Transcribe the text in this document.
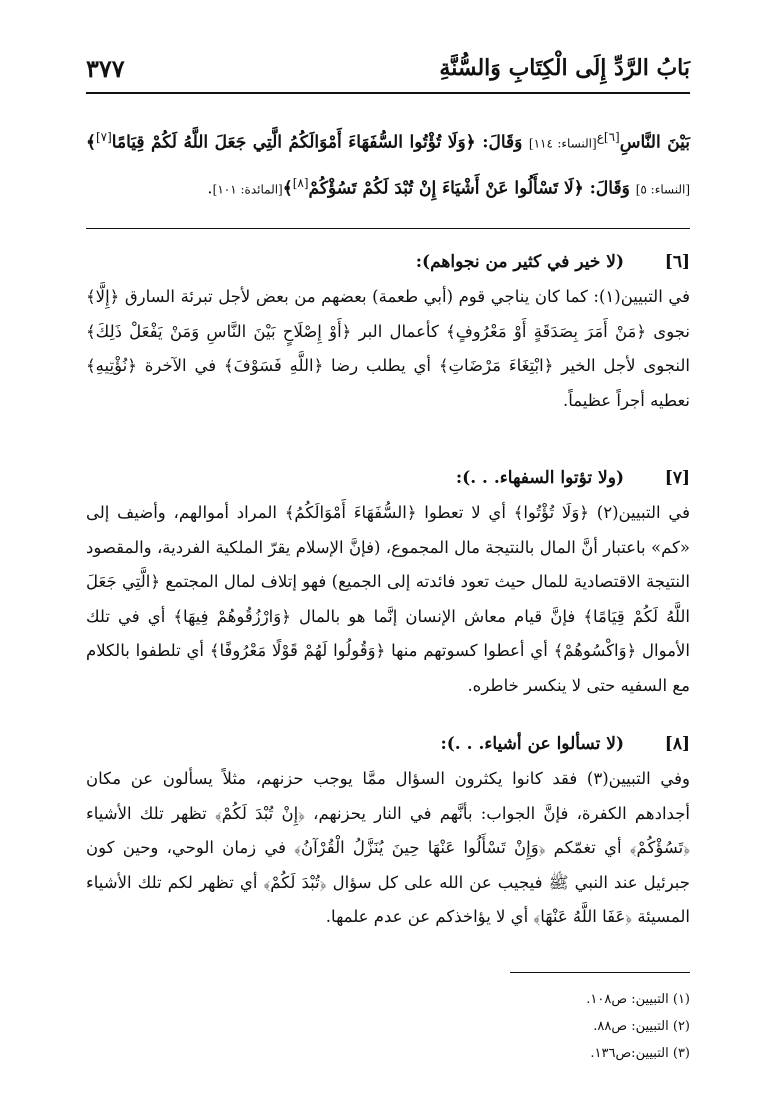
بَابُ الرَّدِّ إِلَى الْكِتَابِ وَالسُّنَّةِ
٣٧٧
بَيْنَ النَّاسِ$^{[٦]ع}$[النساء: ١١٤] وَقَالَ: ﴿وَلَا تُؤْتُوا السُّفَهَاءَ أَمْوَالَكُمُ الَّتِي جَعَلَ اللَّهُ لَكُمْ قِيَامًا[٧]﴾[النساء: ٥] وَقَالَ: ﴿لَا تَسْأَلُوا عَنْ أَشْيَاءَ إِنْ تُبْدَ لَكُمْ تَسُؤْكُمْ[٨]﴾[المائدة: ١٠١].
[٦]
(لا خير في كثير من نجواهم):
في التبيين(١): كما كان يناجي قوم (أبي طعمة) بعضهم من بعض لأجل تبرئة السارق ﴿إِلَّا﴾ نجوى ﴿مَنْ أَمَرَ بِصَدَقَةٍ أَوْ مَعْرُوفٍ﴾ كأعمال البر ﴿أَوْ إِصْلَاحٍ بَيْنَ النَّاسِ وَمَنْ يَفْعَلْ ذَلِكَ﴾ النجوى لأجل الخير ﴿ابْتِغَاءَ مَرْضَاتِ﴾ أي يطلب رضا ﴿اللَّهِ فَسَوْفَ﴾ في الآخرة ﴿نُؤْتِيهِ﴾ نعطيه أجراً عظيماً.
[٧]
(ولا تؤتوا السفهاء. . .):
في التبيين(٢) ﴿وَلَا تُؤْتُوا﴾ أي لا تعطوا ﴿السُّفَهَاءَ أَمْوَالَكُمُ﴾ المراد أموالهم، وأضيف إلى «كم» باعتبار أنَّ المال بالنتيجة مال المجموع، (فإنَّ الإسلام يقرّ الملكية الفردية، والمقصود النتيجة الاقتصادية للمال حيث تعود فائدته إلى الجميع) فهو إتلاف لمال المجتمع ﴿الَّتِي جَعَلَ اللَّهُ لَكُمْ قِيَامًا﴾ فإنَّ قيام معاش الإنسان إنَّما هو بالمال ﴿وَارْزُقُوهُمْ فِيهَا﴾ أي في تلك الأموال ﴿وَاكْسُوهُمْ﴾ أي أعطوا كسوتهم منها ﴿وَقُولُوا لَهُمْ قَوْلًا مَعْرُوفًا﴾ أي تلطفوا بالكلام مع السفيه حتى لا ينكسر خاطره.
[٨]
(لا تسألوا عن أشياء. . .):
وفي التبيين(٣) فقد كانوا يكثرون السؤال ممَّا يوجب حزنهم، مثلاً يسألون عن مكان أجدادهم الكفرة، فإنَّ الجواب: بأنَّهم في النار يحزنهم، ﴿إِنْ تُبْدَ لَكُمْ﴾ تظهر تلك الأشياء ﴿تَسُؤْكُمْ﴾ أي تغمّكم ﴿وَإِنْ تَسْأَلُوا عَنْهَا حِينَ يُنَزَّلُ الْقُرْآنُ﴾ في زمان الوحي، وحين كون جبرئيل عند النبي ﷺ فيجيب عن الله على كل سؤال ﴿تُبْدَ لَكُمْ﴾ أي تظهر لكم تلك الأشياء المسيئة ﴿عَفَا اللَّهُ عَنْهَا﴾ أي لا يؤاخذكم عن عدم علمها.
(١) التبيين: ص١٠٨.
(٢) التبيين: ص٨٨.
(٣) التبيين:ص١٣٦.
